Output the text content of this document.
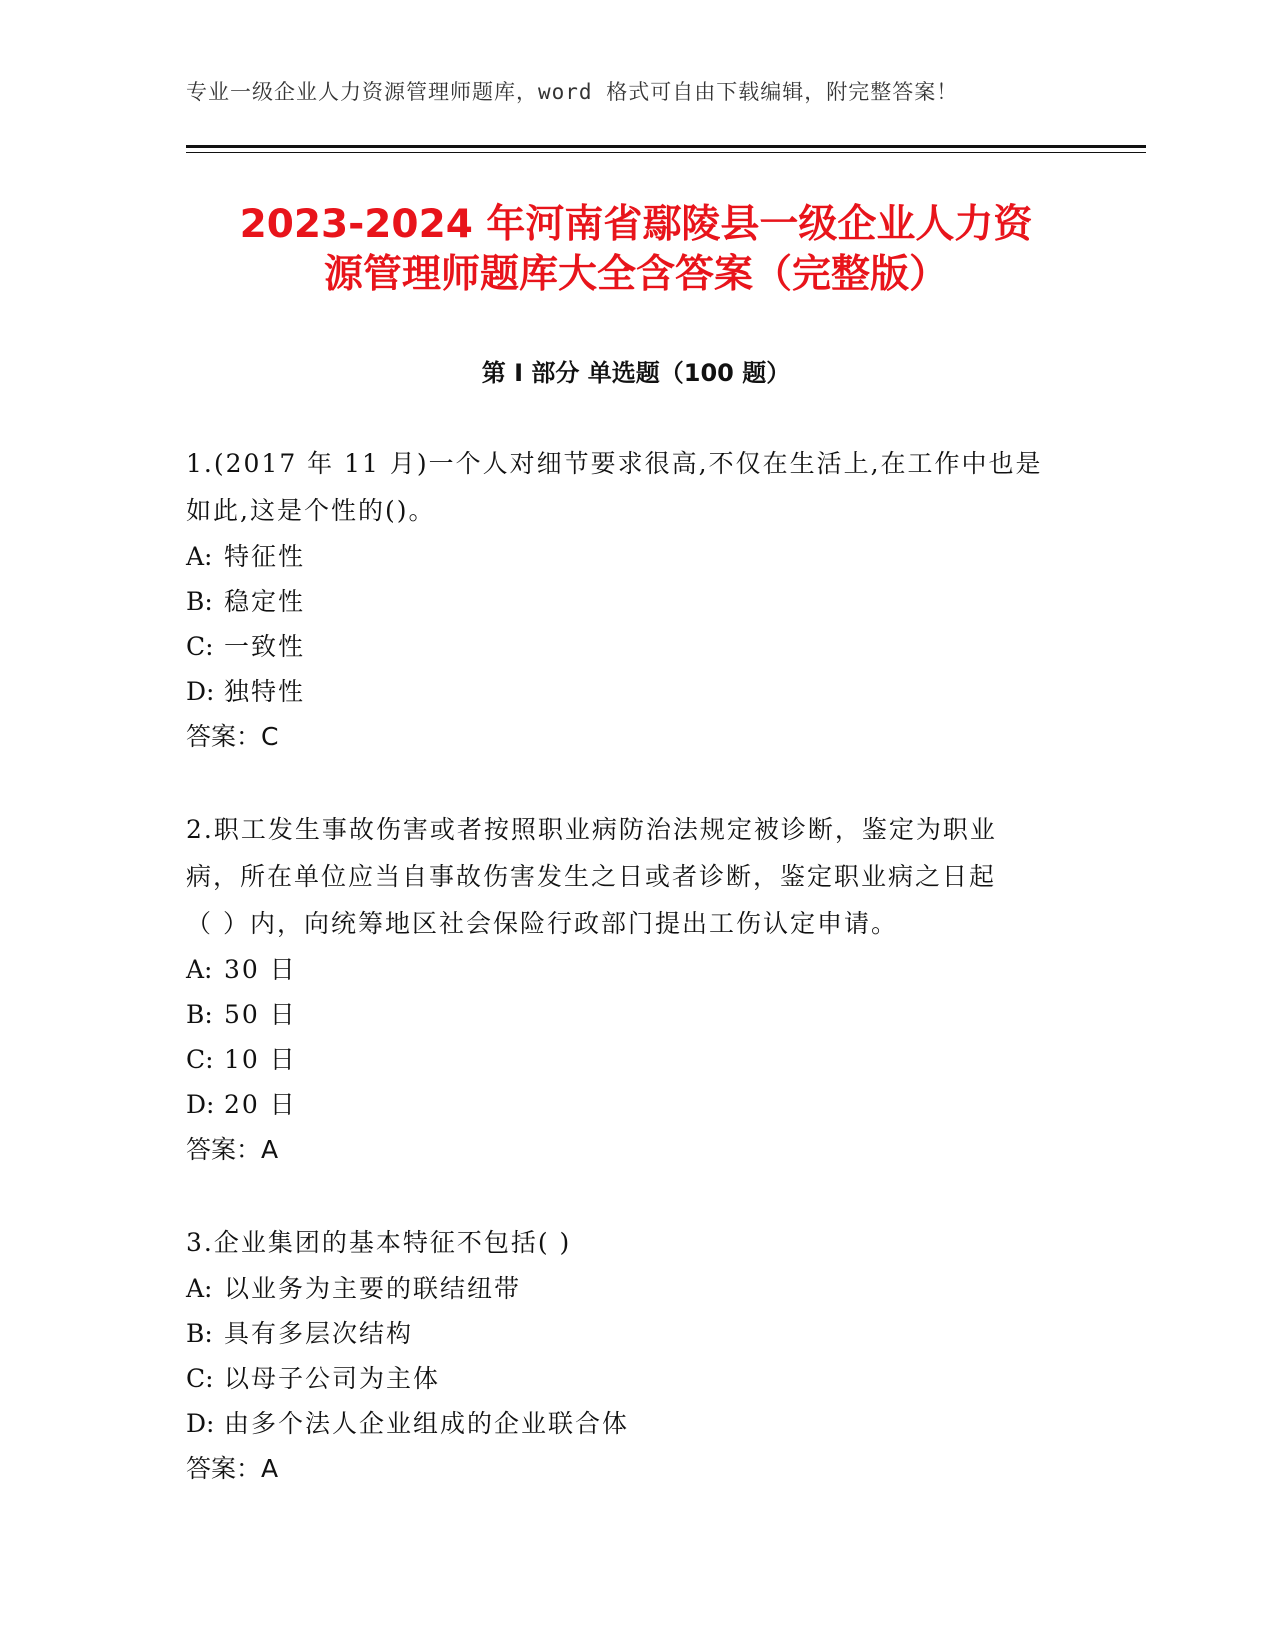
专业一级企业人力资源管理师题库，word 格式可自由下载编辑，附完整答案！
2023-2024 年河南省鄢陵县一级企业人力资
源管理师题库大全含答案（完整版）
第 I 部分 单选题（100 题）

1.(2017 年 11 月)一个人对细节要求很高,不仅在生活上,在工作中也是

如此,这是个性的()。

A: 特征性

B: 稳定性

C: 一致性

D: 独特性

答案：C

2.职工发生事故伤害或者按照职业病防治法规定被诊断，鉴定为职业

病，所在单位应当自事故伤害发生之日或者诊断，鉴定职业病之日起

（ ）内，向统筹地区社会保险行政部门提出工伤认定申请。

A: 30 日

B: 50 日

C: 10 日

D: 20 日

答案：A

3.企业集团的基本特征不包括( )

A: 以业务为主要的联结纽带

B: 具有多层次结构

C: 以母子公司为主体

D: 由多个法人企业组成的企业联合体

答案：A
